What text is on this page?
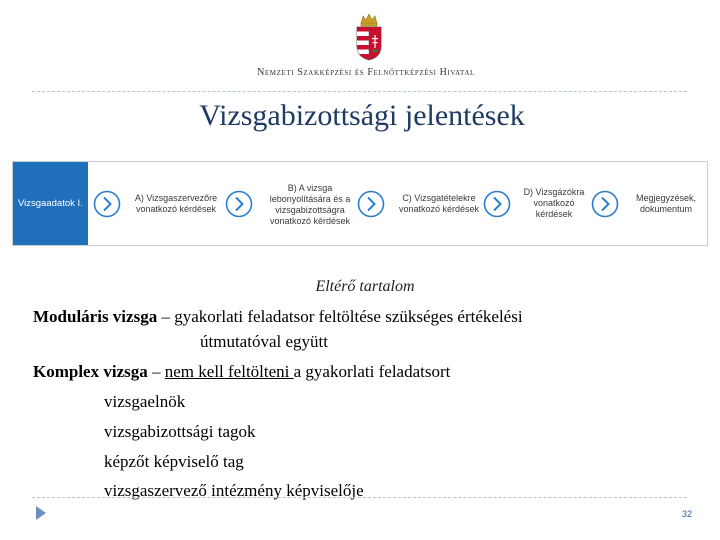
Nemzeti Szakképzési és Felnőttképzési Hivatal
Vizsgabizottsági jelentések
Vizsgaadatok I.
A) Vizsgaszervezőre vonatkozó kérdések
B) A vizsga lebonyolítására és a vizsgabizottságra vonatkozó kérdések
C) Vizsgatételekre vonatkozó kérdések
D) Vizsgázókra vonatkozó kérdések
Megjegyzések, dokumentum
Eltérő tartalom
Moduláris vizsga – gyakorlati feladatsor feltöltése szükséges értékelési
útmutatóval együtt
Komplex vizsga – nem kell feltölteni a gyakorlati feladatsort
vizsgaelnök
vizsgabizottsági tagok
képzőt képviselő tag
vizsgaszervező intézmény képviselője
32
